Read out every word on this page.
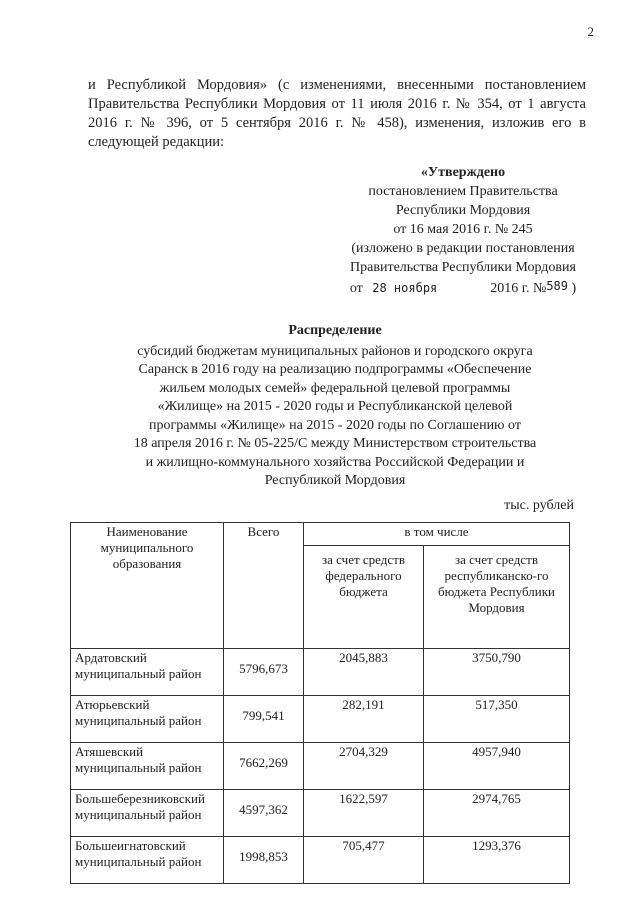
2

и Республикой Мордовия» (с изменениями, внесенными постановлением Правительства Республики Мордовия от 11 июля 2016 г. № 354, от 1 августа 2016 г. № 396, от 5 сентября 2016 г. № 458), изменения, изложив его в следующей редакции:

«Утверждено
постановлением Правительства
Республики Мордовия
от 16 мая 2016 г. № 245
(изложено в редакции постановления
Правительства Республики Мордовия
от 28 ноября	2016 г. №589 )
Распределение
субсидий бюджетам муниципальных районов и городского округа
Саранск в 2016 году на реализацию подпрограммы «Обеспечение
жильем молодых семей» федеральной целевой программы
«Жилище» на 2015 - 2020 годы и Республиканской целевой
программы «Жилище» на 2015 - 2020 годы по Соглашению от
18 апреля 2016 г. № 05-225/С между Министерством строительства
и жилищно-коммунального хозяйства Российской Федерации и
Республикой Мордовия
тыс. рублей
Наименование муниципального образования	Всего	в том числе	
		за счет средств федерального бюджета	за счет средств республиканско-го бюджета Республики Мордовия
Ардатовский муниципальный район	5796,673	2045,883	3750,790
Атюрьевский муниципальный район	799,541	282,191	517,350
Атяшевский муниципальный район	7662,269	2704,329	4957,940
Большеберезниковский муниципальный район	4597,362	1622,597	2974,765
Большеигнатовский муниципальный район	1998,853	705,477	1293,376
